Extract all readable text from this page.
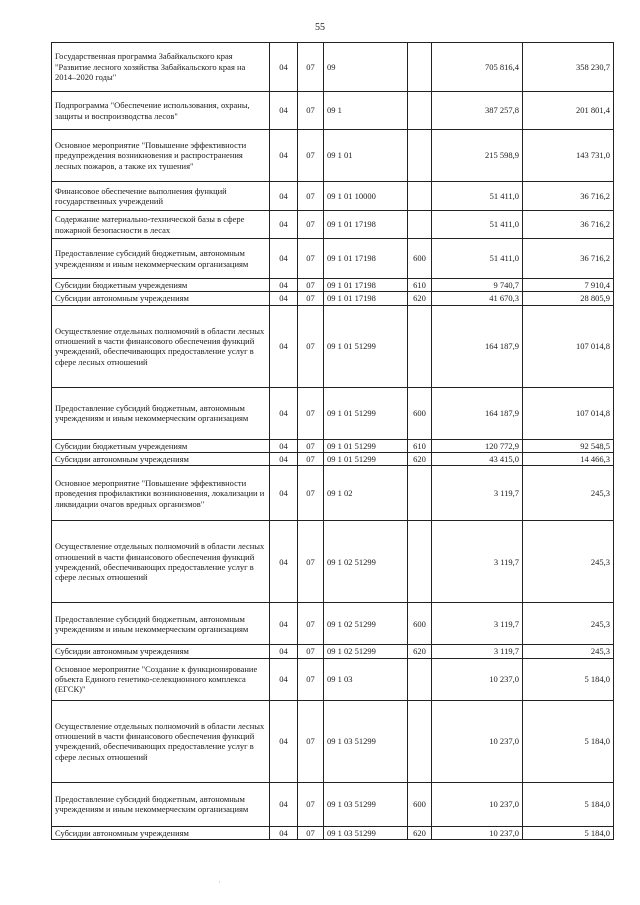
55
Государственная программа Забайкальского края "Развитие лесного хозяйства Забайкальского края на 2014–2020 годы"	04	07	09		705 816,4	358 230,7
Подпрограмма "Обеспечение использования, охраны, защиты и воспроизводства лесов"	04	07	09 1		387 257,8	201 801,4
Основное мероприятие "Повышение эффективности предупреждения возникновения и распространения лесных пожаров, а также их тушения"	04	07	09 1 01		215 598,9	143 731,0
Финансовое обеспечение выполнения функций государственных учреждений	04	07	09 1 01 10000		51 411,0	36 716,2
Содержание материально-технической базы в сфере пожарной безопасности в лесах	04	07	09 1 01 17198		51 411,0	36 716,2
Предоставление субсидий бюджетным, автономным учреждениям и иным некоммерческим организациям	04	07	09 1 01 17198	600	51 411,0	36 716,2
Субсидии бюджетным учреждениям	04	07	09 1 01 17198	610	9 740,7	7 910,4
Субсидии автономным учреждениям	04	07	09 1 01 17198	620	41 670,3	28 805,9
Осуществление отдельных полномочий в области лесных отношений в части финансового обеспечения функций учреждений, обеспечивающих предоставление услуг в сфере лесных отношений	04	07	09 1 01 51299		164 187,9	107 014,8
Предоставление субсидий бюджетным, автономным учреждениям и иным некоммерческим организациям	04	07	09 1 01 51299	600	164 187,9	107 014,8
Субсидии бюджетным учреждениям	04	07	09 1 01 51299	610	120 772,9	92 548,5
Субсидии автономным учреждениям	04	07	09 1 01 51299	620	43 415,0	14 466,3
Основное мероприятие "Повышение эффективности проведения профилактики возникновения, локализации и ликвидации очагов вредных организмов"	04	07	09 1 02		3 119,7	245,3
Осуществление отдельных полномочий в области лесных отношений в части финансового обеспечения функций учреждений, обеспечивающих предоставление услуг в сфере лесных отношений	04	07	09 1 02 51299		3 119,7	245,3
Предоставление субсидий бюджетным, автономным учреждениям и иным некоммерческим организациям	04	07	09 1 02 51299	600	3 119,7	245,3
Субсидии автономным учреждениям	04	07	09 1 02 51299	620	3 119,7	245,3
Основное мероприятие "Создание к функционирование объекта Единого генетико-селекционного комплекса (ЕГСК)"	04	07	09 1 03		10 237,0	5 184,0
Осуществление отдельных полномочий в области лесных отношений в части финансового обеспечения функций учреждений, обеспечивающих предоставление услуг в сфере лесных отношений	04	07	09 1 03 51299		10 237,0	5 184,0
Предоставление субсидий бюджетным, автономным учреждениям и иным некоммерческим организациям	04	07	09 1 03 51299	600	10 237,0	5 184,0
Субсидии автономным учреждениям	04	07	09 1 03 51299	620	10 237,0	5 184,0
·
